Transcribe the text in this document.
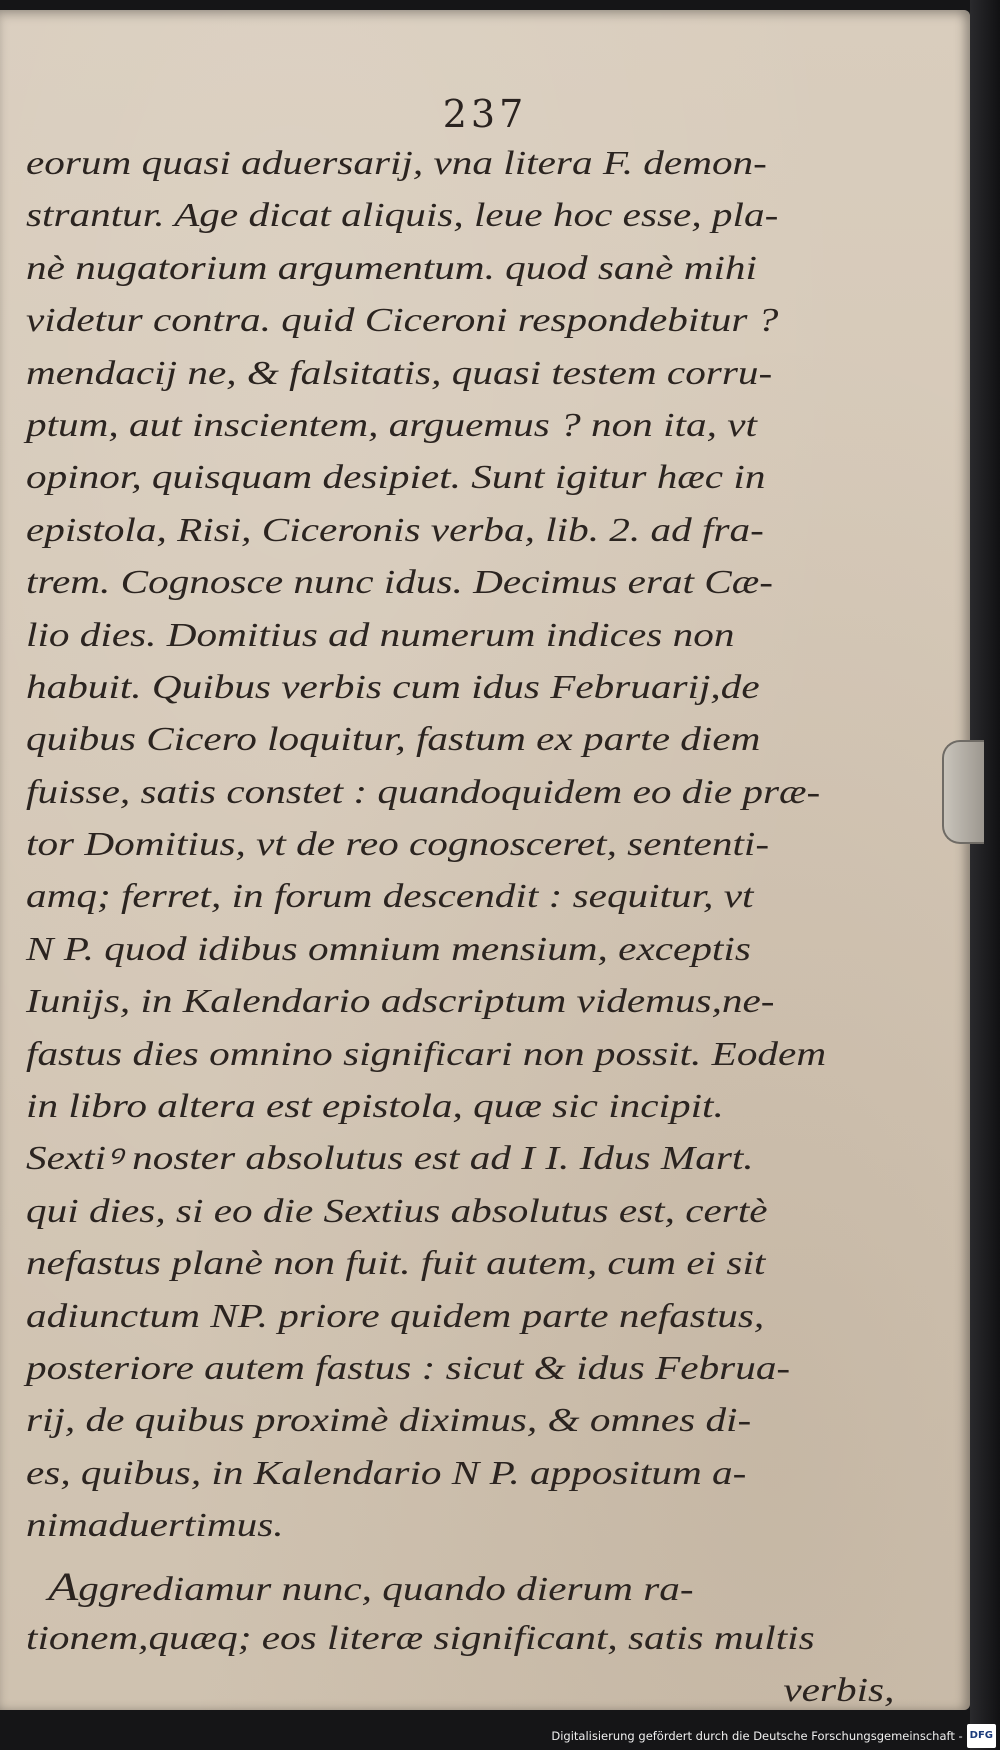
237
eorum quasi aduersarij, vna litera F. demon-
strantur. Age dicat aliquis, leue hoc esse, pla-
nè nugatorium argumentum. quod sanè mihi
videtur contra. quid Ciceroni respondebitur ?
mendacij ne, & falsitatis, quasi testem corru-
ptum, aut inscientem, arguemus ? non ita, vt
opinor, quisquam desipiet. Sunt igitur hæc in
epistola, Risi, Ciceronis verba, lib. 2. ad fra-
trem. Cognosce nunc idus. Decimus erat Cæ-
lio dies. Domitius ad numerum indices non
habuit. Quibus verbis cum idus Februarij,de
quibus Cicero loquitur, fastum ex parte diem
fuisse, satis constet : quandoquidem eo die præ-
tor Domitius, vt de reo cognosceret, sententi-
amq; ferret, in forum descendit : sequitur, vt
N P. quod idibus omnium mensium, exceptis
Iunijs, in Kalendario adscriptum videmus,ne-
fastus dies omnino significari non possit. Eodem
in libro altera est epistola, quæ sic incipit.
Sextiꝰ noster absolutus est ad I I. Idus Mart.
qui dies, si eo die Sextius absolutus est, certè
nefastus planè non fuit. fuit autem, cum ei sit
adiunctum NP. priore quidem parte nefastus,
posteriore autem fastus : sicut & idus Februa-
rij, de quibus proximè diximus, & omnes di-
es, quibus, in Kalendario N P. appositum a-
nimaduertimus.
Aggrediamur nunc, quando dierum ra-
tionem,quæq; eos literæ significant, satis multis
verbis,
Digitalisierung gefördert durch die Deutsche Forschungsgemeinschaft - DFG
